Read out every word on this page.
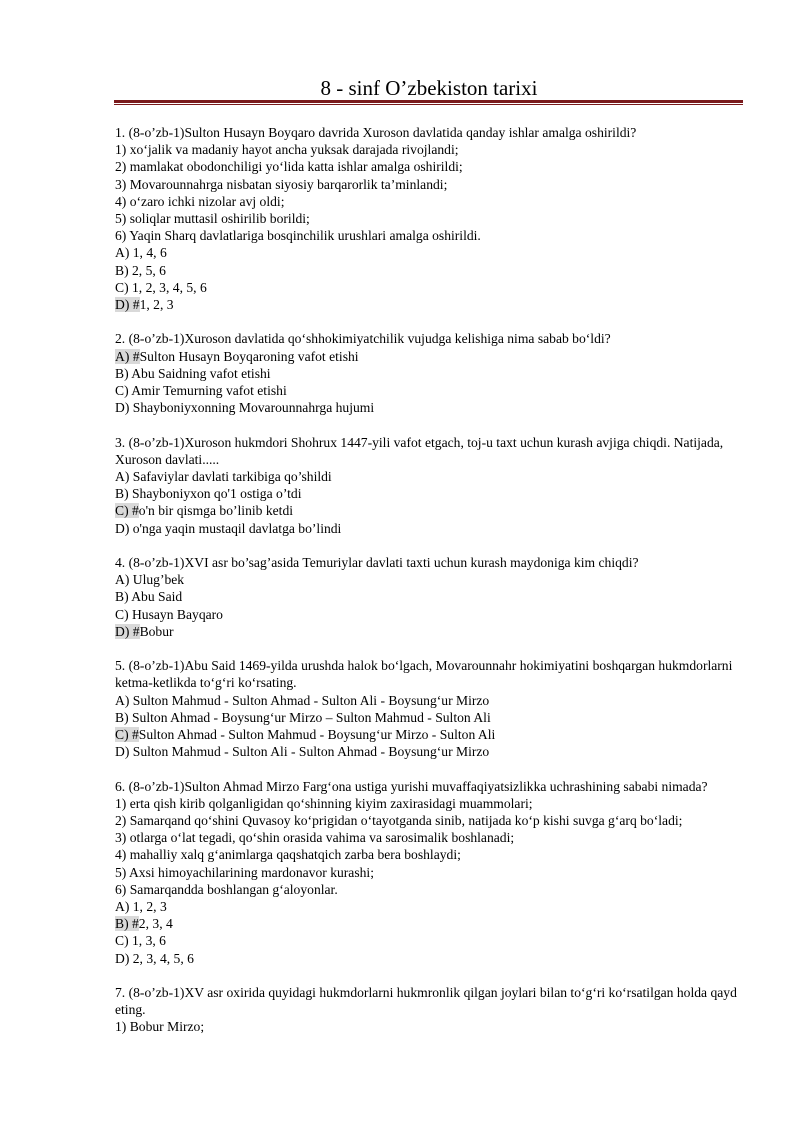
8 - sinf O’zbekiston tarixi
1. (8-o’zb-1)Sulton Husayn Boyqaro davrida Xuroson davlatida qanday ishlar amalga oshirildi?
1) xo‘jalik va madaniy hayot ancha yuksak darajada rivojlandi;
2) mamlakat obodonchiligi yo‘lida katta ishlar amalga oshirildi;
3) Movarounnahrga nisbatan siyosiy barqarorlik ta’minlandi;
4) o‘zaro ichki nizolar avj oldi;
5) soliqlar muttasil oshirilib borildi;
6) Yaqin Sharq davlatlariga bosqinchilik urushlari amalga oshirildi.
A) 1, 4, 6
B) 2, 5, 6
C) 1, 2, 3, 4, 5, 6
D) #1, 2, 3
2. (8-o’zb-1)Xuroson davlatida qo‘shhokimiyatchilik vujudga kelishiga nima sabab bo‘ldi?
A) #Sulton Husayn Boyqaroning vafot etishi
B) Abu Saidning vafot etishi
C) Amir Temurning vafot etishi
D) Shayboniyxonning Movarounnahrga hujumi
3. (8-o’zb-1)Xuroson hukmdori Shohrux 1447-yili vafot etgach, toj-u taxt uchun kurash avjiga chiqdi. Natijada, Xuroson davlati.....
A) Safaviylar davlati tarkibiga qo’shildi
B) Shayboniyxon qo'1 ostiga o’tdi
C) #o'n bir qismga bo’linib ketdi
D) o'nga yaqin mustaqil davlatga bo’lindi
4. (8-o’zb-1)XVI asr bo’sag’asida Temuriylar davlati taxti uchun kurash maydoniga kim chiqdi?
A) Ulug’bek
B) Abu Said
C) Husayn Bayqaro
D) #Bobur
5. (8-o’zb-1)Abu Said 1469-yilda urushda halok bo‘lgach, Movarounnahr hokimiyatini boshqargan hukmdorlarni ketma-ketlikda to‘g‘ri ko‘rsating.
A) Sulton Mahmud - Sulton Ahmad - Sulton Ali - Boysung‘ur Mirzo
B) Sulton Ahmad - Boysung‘ur Mirzo – Sulton Mahmud - Sulton Ali
C) #Sulton Ahmad - Sulton Mahmud - Boysung‘ur Mirzo - Sulton Ali
D) Sulton Mahmud - Sulton Ali - Sulton Ahmad - Boysung‘ur Mirzo
6. (8-o’zb-1)Sulton Ahmad Mirzo Farg‘ona ustiga yurishi muvaffaqiyatsizlikka uchrashining sababi nimada?
1) erta qish kirib qolganligidan qo‘shinning kiyim zaxirasidagi muammolari;
2) Samarqand qo‘shini Quvasoy ko‘prigidan o‘tayotganda sinib, natijada ko‘p kishi suvga g‘arq bo‘ladi;
3) otlarga o‘lat tegadi, qo‘shin orasida vahima va sarosimalik boshlanadi;
4) mahalliy xalq g‘animlarga qaqshatqich zarba bera boshlaydi;
5) Axsi himoyachilarining mardonavor kurashi;
6) Samarqandda boshlangan g‘aloyonlar.
A) 1, 2, 3
B) #2, 3, 4
C) 1, 3, 6
D) 2, 3, 4, 5, 6
7. (8-o’zb-1)XV asr oxirida quyidagi hukmdorlarni hukmronlik qilgan joylari bilan to‘g‘ri ko‘rsatilgan holda qayd eting.
1) Bobur Mirzo;
